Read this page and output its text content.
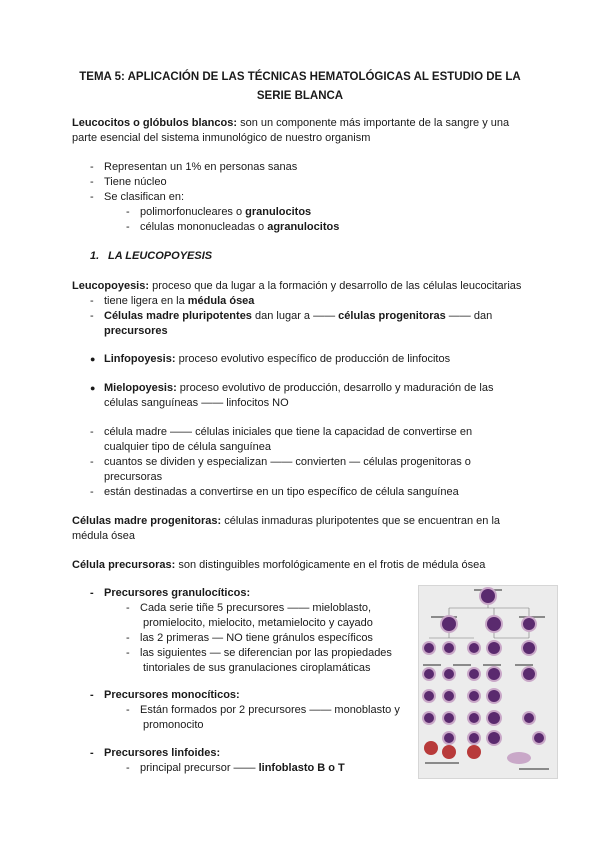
TEMA 5: APLICACIÓN DE LAS TÉCNICAS HEMATOLÓGICAS AL ESTUDIO DE LA
SERIE BLANCA
Leucocitos o glóbulos blancos: son un componente más importante de la sangre y una
parte esencial del sistema inmunológico de nuestro organism
- Representan un 1% en personas sanas
- Tiene núcleo
- Se clasifican en:
- polimorfonucleares o granulocitos
- células mononucleadas o agranulocitos
1. LA LEUCOPOYESIS
Leucopoyesis: proceso que da lugar a la formación y desarrollo de las células leucocitarias
- tiene ligera en la médula ósea
- Células madre pluripotentes dan lugar a —— células progenitoras —— dan
precursores
● Linfopoyesis: proceso evolutivo específico de producción de linfocitos
● Mielopoyesis: proceso evolutivo de producción, desarrollo y maduración de las
células sanguíneas —— linfocitos NO
- célula madre —— células iniciales que tiene la capacidad de convertirse en
cualquier tipo de célula sanguínea
- cuantos se dividen y especializan —— convierten — células progenitoras o
precursoras
- están destinadas a convertirse en un tipo específico de célula sanguínea
Células madre progenitoras: células inmaduras pluripotentes que se encuentran en la
médula ósea
Célula precursoras: son distinguibles morfológicamente en el frotis de médula ósea
- Precursores granulocíticos:
- Cada serie tiñe 5 precursores —— mieloblasto,
promielocito, mielocito, metamielocito y cayado
- las 2 primeras — NO tiene gránulos específicos
- las siguientes — se diferencian por las propiedades
tintoriales de sus granulaciones ciroplamáticas
- Precursores monocíticos:
- Están formados por 2 precursores —— monoblasto y
promonocito
- Precursores linfoides:
- principal precursor —— linfoblasto B o T
